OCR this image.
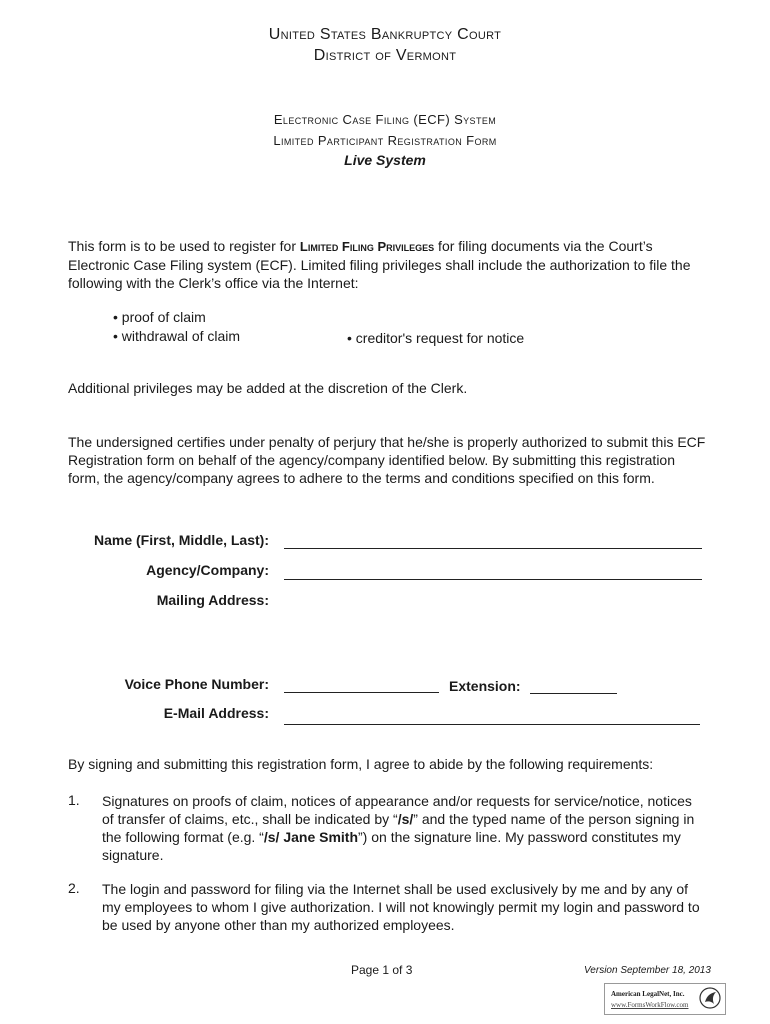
United States Bankruptcy Court
District of Vermont
Electronic Case Filing (ECF) System
Limited Participant Registration Form
Live System
This form is to be used to register for Limited Filing Privileges for filing documents via the Court’s Electronic Case Filing system (ECF). Limited filing privileges shall include the authorization to file the following with the Clerk’s office via the Internet:
• proof of claim
• withdrawal of claim	• creditor's request for notice
Additional privileges may be added at the discretion of the Clerk.
The undersigned certifies under penalty of perjury that he/she is properly authorized to submit this ECF Registration form on behalf of the agency/company identified below. By submitting this registration form, the agency/company agrees to adhere to the terms and conditions specified on this form.
Name (First, Middle, Last):
Agency/Company:
Mailing Address:
Voice Phone Number:	Extension:
E-Mail Address:
By signing and submitting this registration form, I agree to abide by the following requirements:
1. Signatures on proofs of claim, notices of appearance and/or requests for service/notice, notices of transfer of claims, etc., shall be indicated by “/s/” and the typed name of the person signing in the following format (e.g. “/s/ Jane Smith”) on the signature line. My password constitutes my signature.
2. The login and password for filing via the Internet shall be used exclusively by me and by any of my employees to whom I give authorization. I will not knowingly permit my login and password to be used by anyone other than my authorized employees.
Page 1 of 3	Version September 18, 2013
American LegalNet, Inc.
www.FormsWorkFlow.com
